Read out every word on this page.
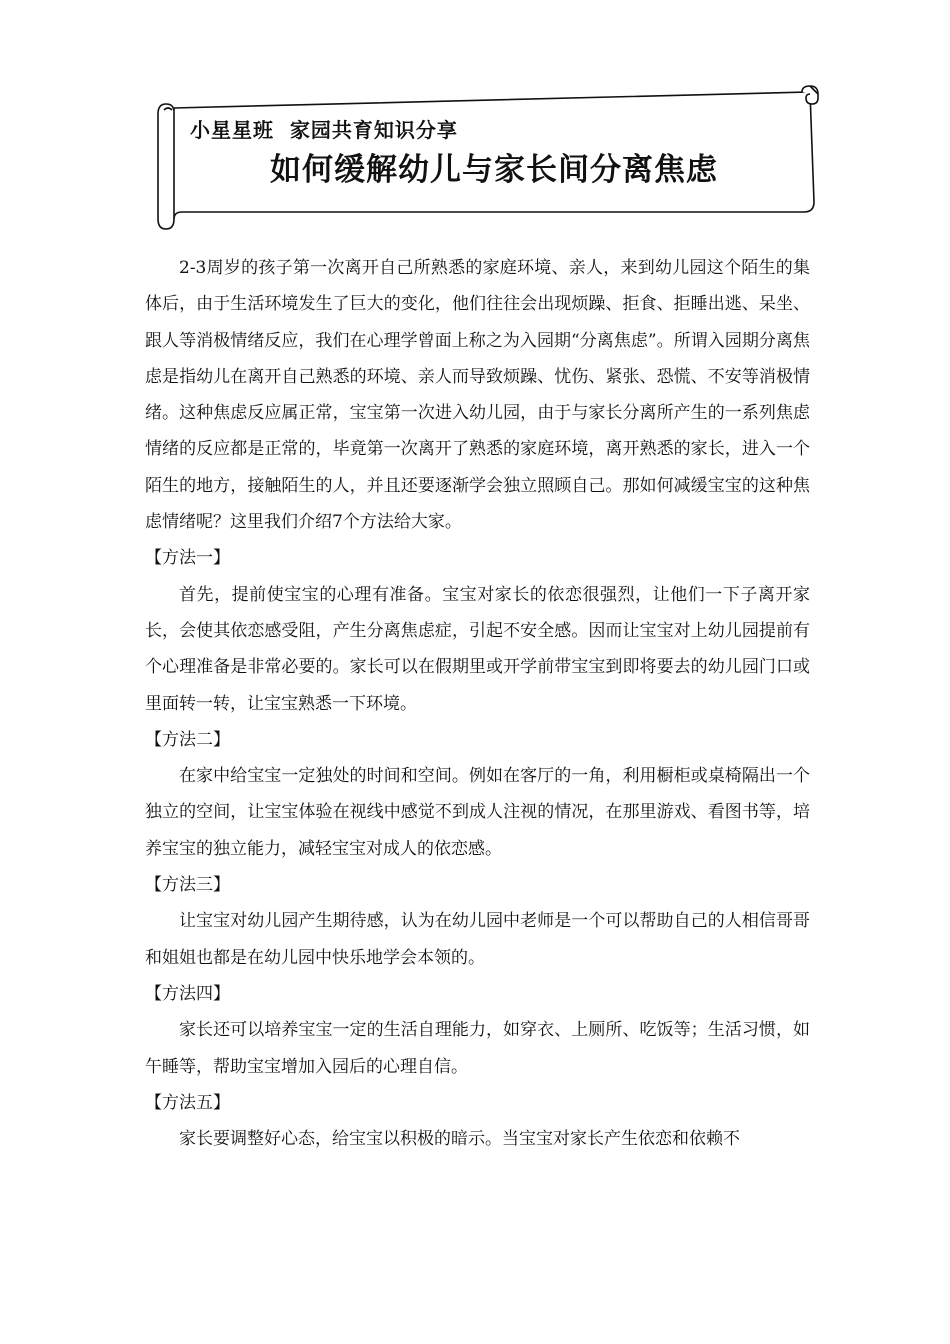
小星星班  家园共育知识分享
如何缓解幼儿与家长间分离焦虑

2-3周岁的孩子第一次离开自己所熟悉的家庭环境、亲人，来到幼儿园这个陌生的集体后，由于生活环境发生了巨大的变化，他们往往会出现烦躁、拒食、拒睡出逃、呆坐、跟人等消极情绪反应，我们在心理学曾面上称之为入园期“分离焦虑”。所谓入园期分离焦虑是指幼儿在离开自己熟悉的环境、亲人而导致烦躁、忧伤、紧张、恐慌、不安等消极情绪。这种焦虑反应属正常，宝宝第一次进入幼儿园，由于与家长分离所产生的一系列焦虑情绪的反应都是正常的，毕竟第一次离开了熟悉的家庭环境，离开熟悉的家长，进入一个陌生的地方，接触陌生的人，并且还要逐渐学会独立照顾自己。那如何减缓宝宝的这种焦虑情绪呢？这里我们介绍7个方法给大家。

【方法一】

首先，提前使宝宝的心理有准备。宝宝对家长的依恋很强烈，让他们一下子离开家长，会使其依恋感受阻，产生分离焦虑症，引起不安全感。因而让宝宝对上幼儿园提前有个心理准备是非常必要的。家长可以在假期里或开学前带宝宝到即将要去的幼儿园门口或里面转一转，让宝宝熟悉一下环境。

【方法二】

在家中给宝宝一定独处的时间和空间。例如在客厅的一角，利用橱柜或桌椅隔出一个独立的空间，让宝宝体验在视线中感觉不到成人注视的情况，在那里游戏、看图书等，培养宝宝的独立能力，减轻宝宝对成人的依恋感。

【方法三】

让宝宝对幼儿园产生期待感，认为在幼儿园中老师是一个可以帮助自己的人相信哥哥和姐姐也都是在幼儿园中快乐地学会本领的。

【方法四】

家长还可以培养宝宝一定的生活自理能力，如穿衣、上厕所、吃饭等；生活习惯，如午睡等，帮助宝宝增加入园后的心理自信。

【方法五】

家长要调整好心态，给宝宝以积极的暗示。当宝宝对家长产生依恋和依赖不
